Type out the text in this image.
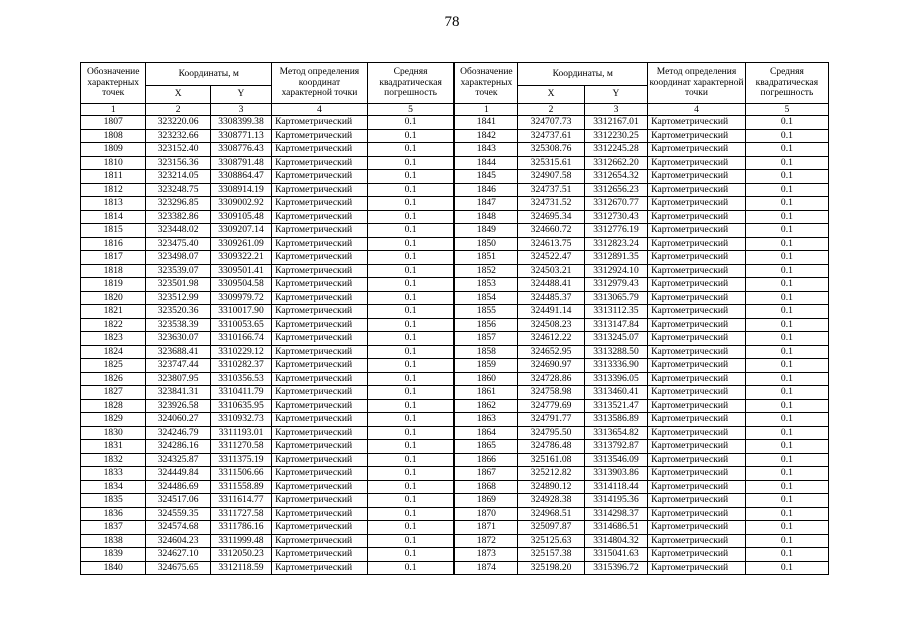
78
Обозначение характерных точек	Координаты, м		Метод определения координат характерной точки	Средняя квадратическая погрешность	Обозначение характерных точек	Координаты, м		Метод определения координат характерной точки	Средняя квадратическая погрешность
	X	Y				X	Y		
1	2	3	4	5	1	2	3	4	5
1807	323220.06	3308399.38	Картометрический	0.1	1841	324707.73	3312167.01	Картометрический	0.1
1808	323232.66	3308771.13	Картометрический	0.1	1842	324737.61	3312230.25	Картометрический	0.1
1809	323152.40	3308776.43	Картометрический	0.1	1843	325308.76	3312245.28	Картометрический	0.1
1810	323156.36	3308791.48	Картометрический	0.1	1844	325315.61	3312662.20	Картометрический	0.1
1811	323214.05	3308864.47	Картометрический	0.1	1845	324907.58	3312654.32	Картометрический	0.1
1812	323248.75	3308914.19	Картометрический	0.1	1846	324737.51	3312656.23	Картометрический	0.1
1813	323296.85	3309002.92	Картометрический	0.1	1847	324731.52	3312670.77	Картометрический	0.1
1814	323382.86	3309105.48	Картометрический	0.1	1848	324695.34	3312730.43	Картометрический	0.1
1815	323448.02	3309207.14	Картометрический	0.1	1849	324660.72	3312776.19	Картометрический	0.1
1816	323475.40	3309261.09	Картометрический	0.1	1850	324613.75	3312823.24	Картометрический	0.1
1817	323498.07	3309322.21	Картометрический	0.1	1851	324522.47	3312891.35	Картометрический	0.1
1818	323539.07	3309501.41	Картометрический	0.1	1852	324503.21	3312924.10	Картометрический	0.1
1819	323501.98	3309504.58	Картометрический	0.1	1853	324488.41	3312979.43	Картометрический	0.1
1820	323512.99	3309979.72	Картометрический	0.1	1854	324485.37	3313065.79	Картометрический	0.1
1821	323520.36	3310017.90	Картометрический	0.1	1855	324491.14	3313112.35	Картометрический	0.1
1822	323538.39	3310053.65	Картометрический	0.1	1856	324508.23	3313147.84	Картометрический	0.1
1823	323630.07	3310166.74	Картометрический	0.1	1857	324612.22	3313245.07	Картометрический	0.1
1824	323688.41	3310229.12	Картометрический	0.1	1858	324652.95	3313288.50	Картометрический	0.1
1825	323747.44	3310282.37	Картометрический	0.1	1859	324690.97	3313336.90	Картометрический	0.1
1826	323807.95	3310356.53	Картометрический	0.1	1860	324728.86	3313396.05	Картометрический	0.1
1827	323841.31	3310411.79	Картометрический	0.1	1861	324758.98	3313460.41	Картометрический	0.1
1828	323926.58	3310635.95	Картометрический	0.1	1862	324779.69	3313521.47	Картометрический	0.1
1829	324060.27	3310932.73	Картометрический	0.1	1863	324791.77	3313586.89	Картометрический	0.1
1830	324246.79	3311193.01	Картометрический	0.1	1864	324795.50	3313654.82	Картометрический	0.1
1831	324286.16	3311270.58	Картометрический	0.1	1865	324786.48	3313792.87	Картометрический	0.1
1832	324325.87	3311375.19	Картометрический	0.1	1866	325161.08	3313546.09	Картометрический	0.1
1833	324449.84	3311506.66	Картометрический	0.1	1867	325212.82	3313903.86	Картометрический	0.1
1834	324486.69	3311558.89	Картометрический	0.1	1868	324890.12	3314118.44	Картометрический	0.1
1835	324517.06	3311614.77	Картометрический	0.1	1869	324928.38	3314195.36	Картометрический	0.1
1836	324559.35	3311727.58	Картометрический	0.1	1870	324968.51	3314298.37	Картометрический	0.1
1837	324574.68	3311786.16	Картометрический	0.1	1871	325097.87	3314686.51	Картометрический	0.1
1838	324604.23	3311999.48	Картометрический	0.1	1872	325125.63	3314804.32	Картометрический	0.1
1839	324627.10	3312050.23	Картометрический	0.1	1873	325157.38	3315041.63	Картометрический	0.1
1840	324675.65	3312118.59	Картометрический	0.1	1874	325198.20	3315396.72	Картометрический	0.1
